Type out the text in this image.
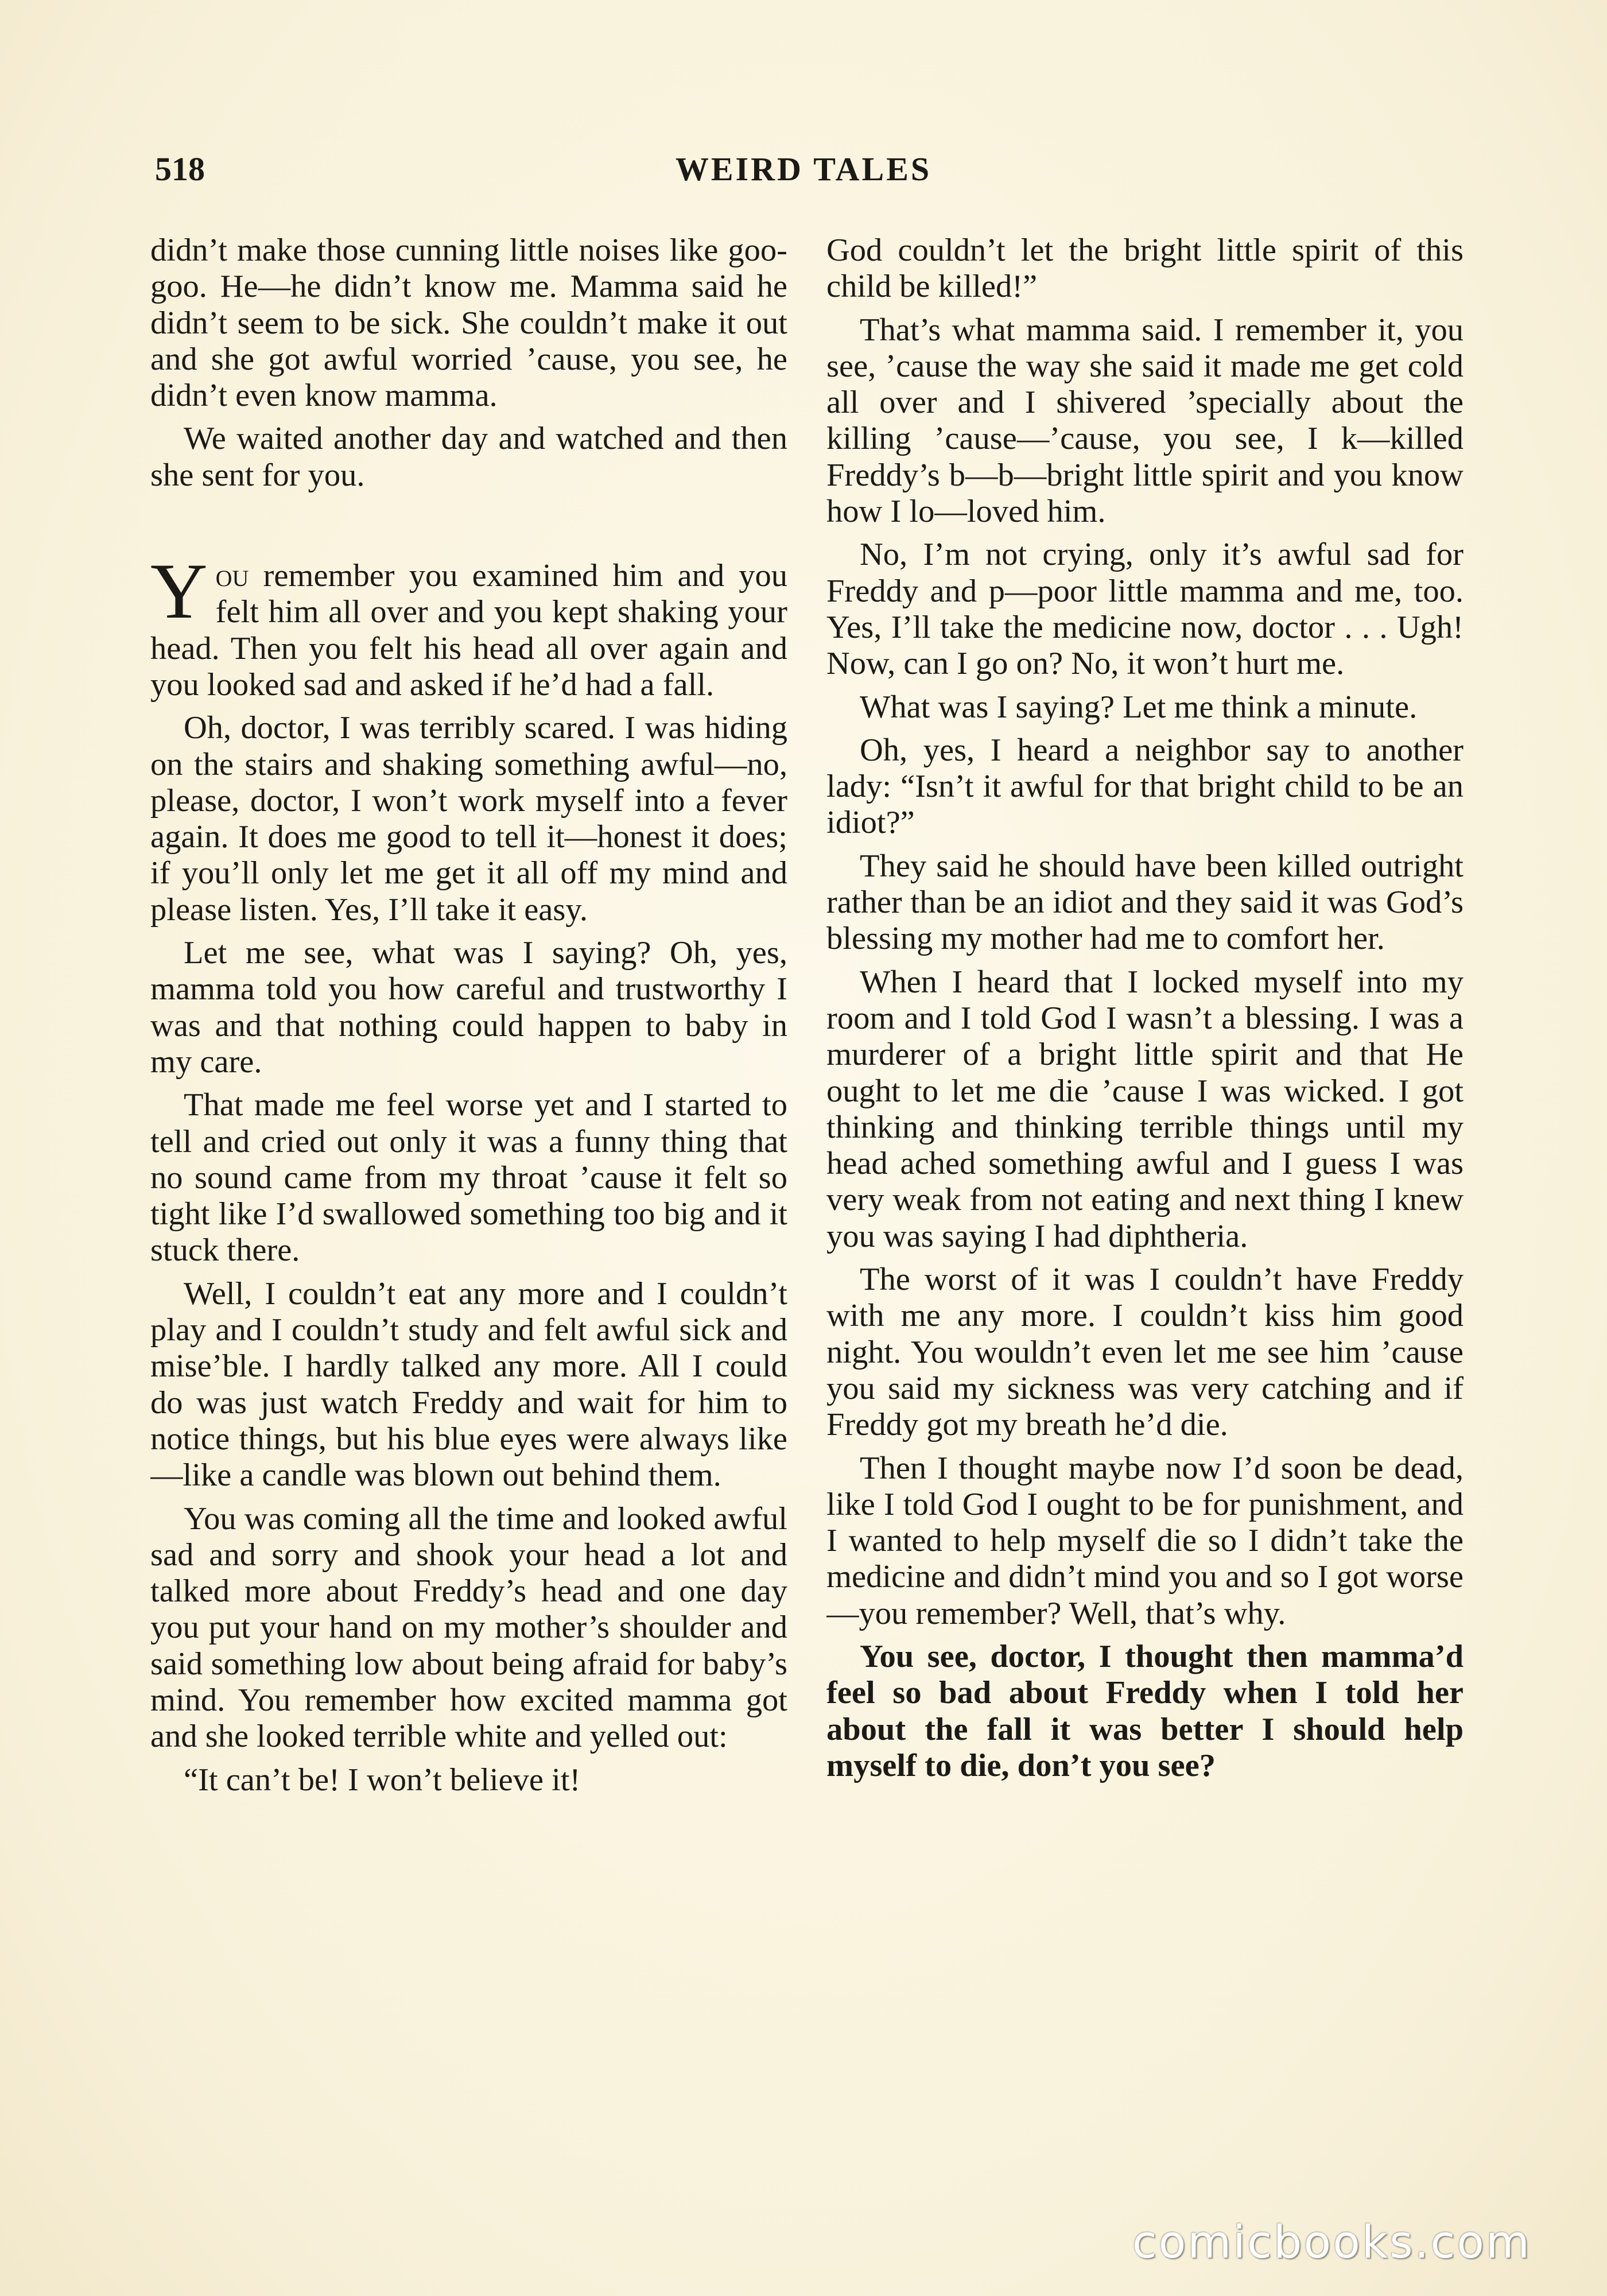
518	WEIRD TALES

didn’t make those cunning little noises like goo-goo. He—he didn’t know me. Mamma said he didn’t seem to be sick. She couldn’t make it out and she got awful worried ’cause, you see, he didn’t even know mamma.

We waited another day and watched and then she sent for you.

You remember you examined him and you felt him all over and you kept shaking your head. Then you felt his head all over again and you looked sad and asked if he’d had a fall.

Oh, doctor, I was terribly scared. I was hiding on the stairs and shaking something awful—no, please, doctor, I won’t work myself into a fever again. It does me good to tell it—honest it does; if you’ll only let me get it all off my mind and please listen. Yes, I’ll take it easy.

Let me see, what was I saying? Oh, yes, mamma told you how careful and trustworthy I was and that nothing could happen to baby in my care.

That made me feel worse yet and I started to tell and cried out only it was a funny thing that no sound came from my throat ’cause it felt so tight like I’d swallowed something too big and it stuck there.

Well, I couldn’t eat any more and I couldn’t play and I couldn’t study and felt awful sick and mise’ble. I hardly talked any more. All I could do was just watch Freddy and wait for him to notice things, but his blue eyes were always like—like a candle was blown out behind them.

You was coming all the time and looked awful sad and sorry and shook your head a lot and talked more about Freddy’s head and one day you put your hand on my mother’s shoulder and said something low about being afraid for baby’s mind. You remember how excited mamma got and she looked terrible white and yelled out:

“It can’t be! I won’t believe it!

God couldn’t let the bright little spirit of this child be killed!”

That’s what mamma said. I remember it, you see, ’cause the way she said it made me get cold all over and I shivered ’specially about the killing ’cause—’cause, you see, I k—killed Freddy’s b—b—bright little spirit and you know how I lo—loved him.

No, I’m not crying, only it’s awful sad for Freddy and p—poor little mamma and me, too. Yes, I’ll take the medicine now, doctor . . . Ugh! Now, can I go on? No, it won’t hurt me.

What was I saying? Let me think a minute.

Oh, yes, I heard a neighbor say to another lady: “Isn’t it awful for that bright child to be an idiot?”

They said he should have been killed outright rather than be an idiot and they said it was God’s blessing my mother had me to comfort her.

When I heard that I locked myself into my room and I told God I wasn’t a blessing. I was a murderer of a bright little spirit and that He ought to let me die ’cause I was wicked. I got thinking and thinking terrible things until my head ached something awful and I guess I was very weak from not eating and next thing I knew you was saying I had diphtheria.

The worst of it was I couldn’t have Freddy with me any more. I couldn’t kiss him good night. You wouldn’t even let me see him ’cause you said my sickness was very catching and if Freddy got my breath he’d die.

Then I thought maybe now I’d soon be dead, like I told God I ought to be for punishment, and I wanted to help myself die so I didn’t take the medicine and didn’t mind you and so I got worse—you remember? Well, that’s why.

You see, doctor, I thought then mamma’d feel so bad about Freddy when I told her about the fall it was better I should help myself to die, don’t you see?

comicbooks.com
